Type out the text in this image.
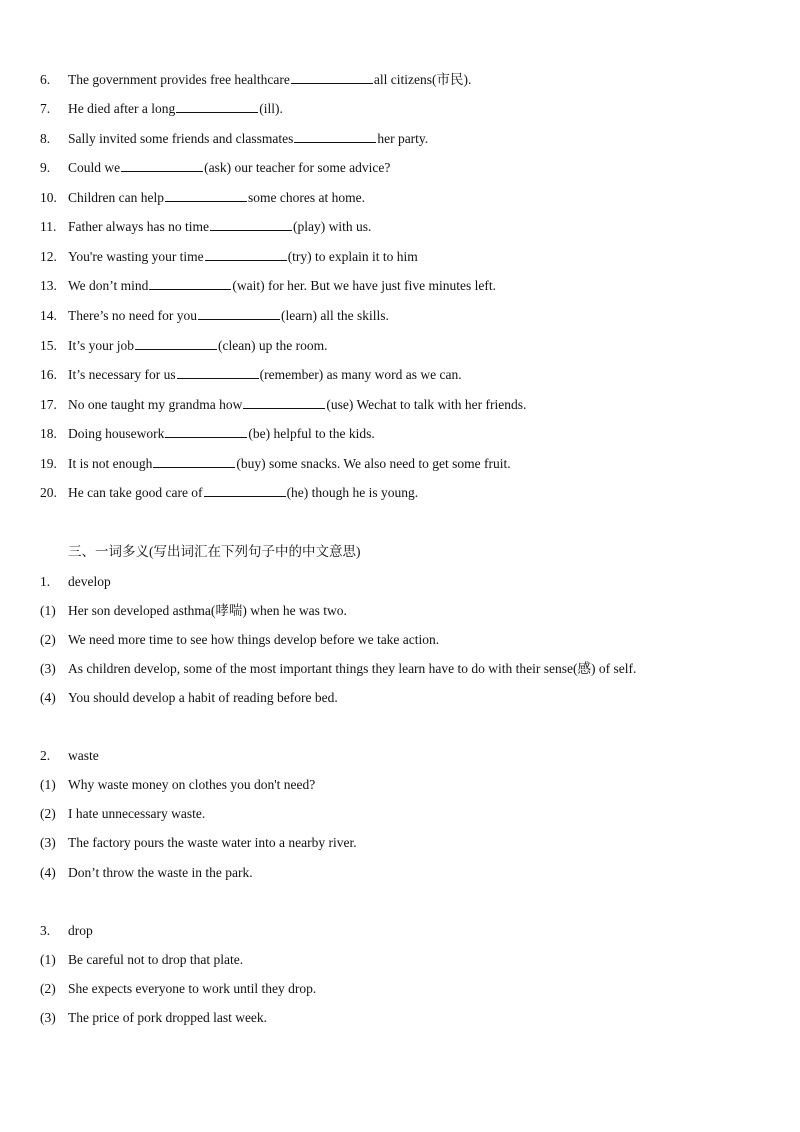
6. The government provides free healthcare	all citizens(市民).
7. He died after a long	(ill).
8. Sally invited some friends and classmates	her party.
9. Could we	(ask) our teacher for some advice?
10. Children can help	some chores at home.
11. Father always has no time	(play) with us.
12. You're wasting your time	(try) to explain it to him
13. We don’t mind	(wait) for her. But we have just five minutes left.
14. There’s no need for you	(learn) all the skills.
15. It’s your job	(clean) up the room.
16. It’s necessary for us	(remember) as many word as we can.
17. No one taught my grandma how	(use) Wechat to talk with her friends.
18. Doing housework	(be) helpful to the kids.
19. It is not enough	(buy) some snacks. We also need to get some fruit.
20. He can take good care of	(he) though he is young.
三、一词多义(写出词汇在下列句子中的中文意思)
1. develop
(1) Her son developed asthma(哮喘) when he was two.
(2) We need more time to see how things develop before we take action.
(3) As children develop, some of the most important things they learn have to do with their sense(感) of self.
(4) You should develop a habit of reading before bed.
2. waste
(1) Why waste money on clothes you don't need?
(2) I hate unnecessary waste.
(3) The factory pours the waste water into a nearby river.
(4) Don’t throw the waste in the park.
3. drop
(1) Be careful not to drop that plate.
(2) She expects everyone to work until they drop.
(3) The price of pork dropped last week.
